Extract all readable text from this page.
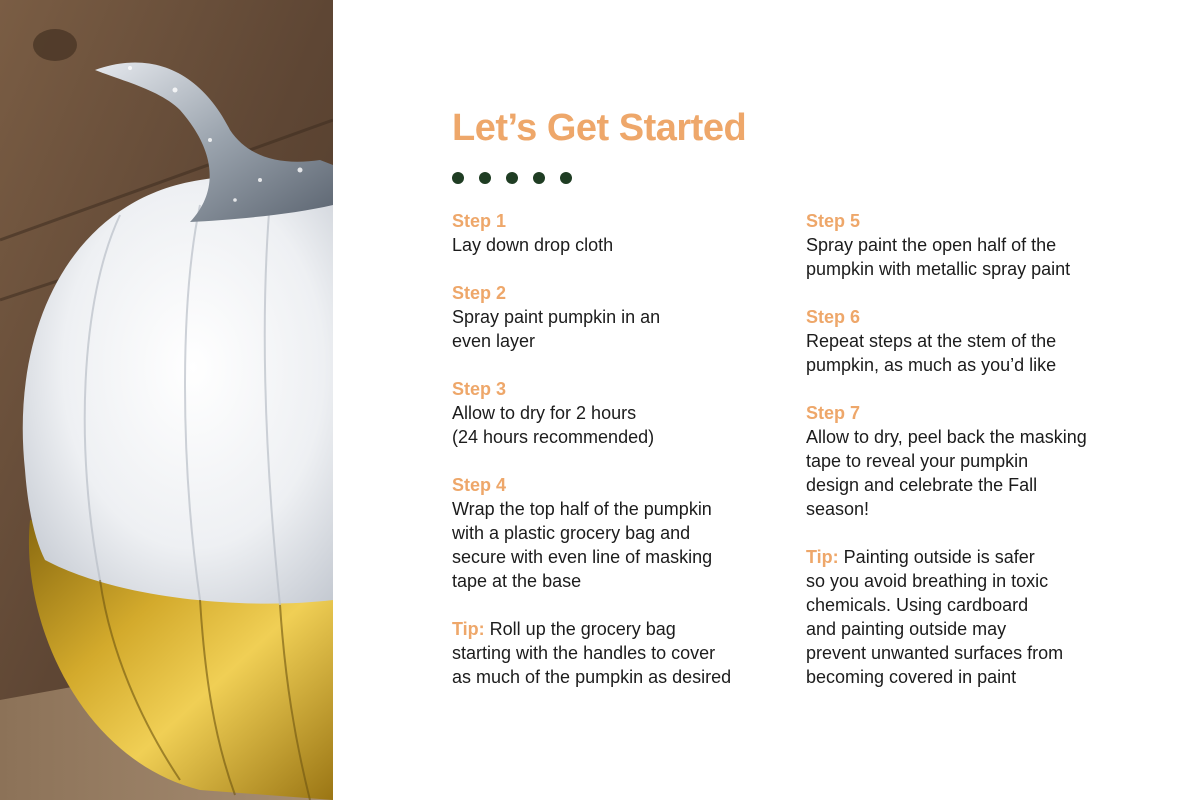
Let’s Get Started
Step 1
Lay down drop cloth
Step 2
Spray paint pumpkin in an
even layer
Step 3
Allow to dry for 2 hours
(24 hours recommended)
Step 4
Wrap the top half of the pumpkin
with a plastic grocery bag and
secure with even line of masking
tape at the base
Tip: Roll up the grocery bag
starting with the handles to cover
as much of the pumpkin as desired
Step 5
Spray paint the open half of the
pumpkin with metallic spray paint
Step 6
Repeat steps at the stem of the
pumpkin, as much as you’d like
Step 7
Allow to dry, peel back the masking
tape to reveal your pumpkin
design and celebrate the Fall
season!
Tip: Painting outside is safer
so you avoid breathing in toxic
chemicals. Using cardboard
and painting outside may
prevent unwanted surfaces from
becoming covered in paint
